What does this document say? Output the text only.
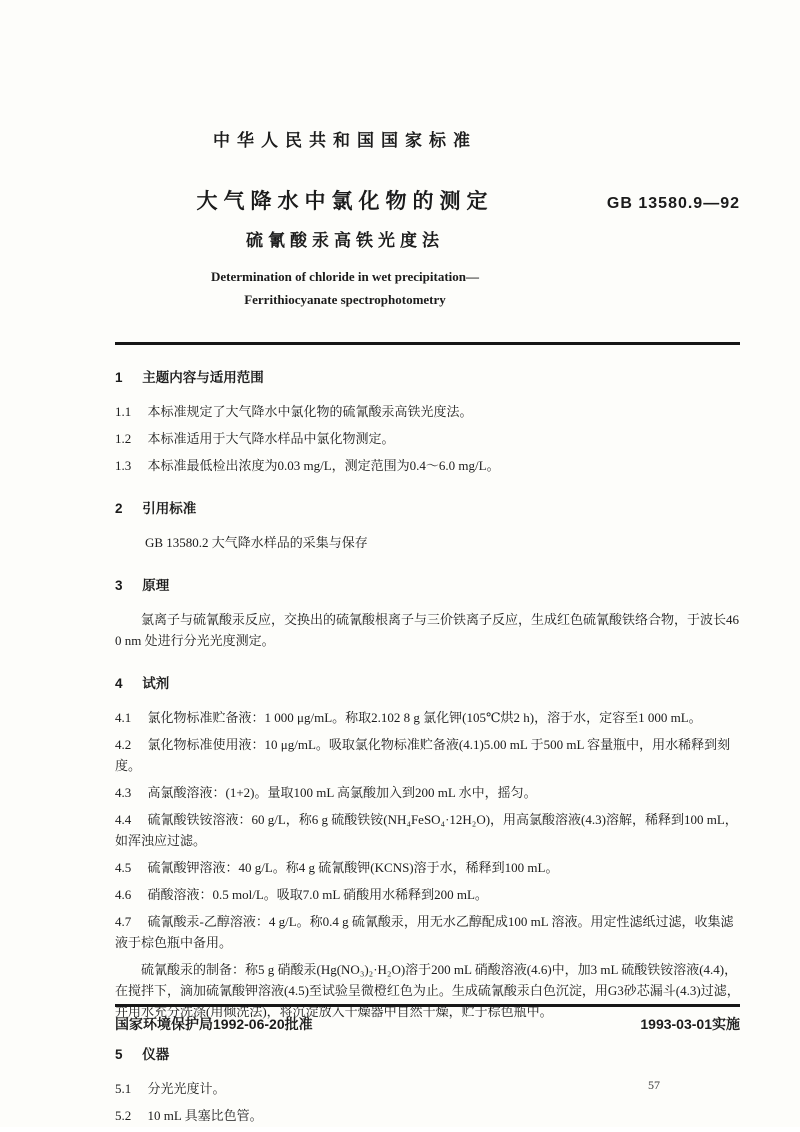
中华人民共和国国家标准
大气降水中氯化物的测定
硫氰酸汞高铁光度法
GB 13580.9—92
Determination of chloride in wet precipitation—
Ferrithiocyanate spectrophotometry
1 主题内容与适用范围

1.1 本标准规定了大气降水中氯化物的硫氰酸汞高铁光度法。

1.2 本标准适用于大气降水样品中氯化物测定。

1.3 本标准最低检出浓度为0.03 mg/L，测定范围为0.4～6.0 mg/L。

2 引用标准

GB 13580.2 大气降水样品的采集与保存

3 原理

氯离子与硫氰酸汞反应，交换出的硫氰酸根离子与三价铁离子反应，生成红色硫氰酸铁络合物，于波长460 nm 处进行分光光度测定。

4 试剂

4.1 氯化物标准贮备液：1 000 μg/mL。称取2.102 8 g 氯化钾(105℃烘2 h)，溶于水，定容至1 000 mL。

4.2 氯化物标准使用液：10 μg/mL。吸取氯化物标准贮备液(4.1)5.00 mL 于500 mL 容量瓶中，用水稀释到刻度。

4.3 高氯酸溶液：(1+2)。量取100 mL 高氯酸加入到200 mL 水中，摇匀。

4.4 硫氰酸铁铵溶液：60 g/L，称6 g 硫酸铁铵(NH₄FeSO₄·12H₂O)，用高氯酸溶液(4.3)溶解，稀释到100 mL，如浑浊应过滤。

4.5 硫氰酸钾溶液：40 g/L。称4 g 硫氰酸钾(KCNS)溶于水，稀释到100 mL。

4.6 硝酸溶液：0.5 mol/L。吸取7.0 mL 硝酸用水稀释到200 mL。

4.7 硫氰酸汞-乙醇溶液：4 g/L。称0.4 g 硫氰酸汞，用无水乙醇配成100 mL 溶液。用定性滤纸过滤，收集滤液于棕色瓶中备用。

硫氰酸汞的制备：称5 g 硝酸汞(Hg(NO₃)₂·H₂O)溶于200 mL 硝酸溶液(4.6)中，加3 mL 硫酸铁铵溶液(4.4)，在搅拌下，滴加硫氰酸钾溶液(4.5)至试验呈微橙红色为止。生成硫氰酸汞白色沉淀，用G3砂芯漏斗(4.3)过滤，并用水充分洗涤(用倾洗法)，将沉淀放入干燥器中自然干燥，贮于棕色瓶中。

5 仪器

5.1 分光光度计。

5.2 10 mL 具塞比色管。

国家环境保护局1992-06-20批准	1993-03-01实施
57
